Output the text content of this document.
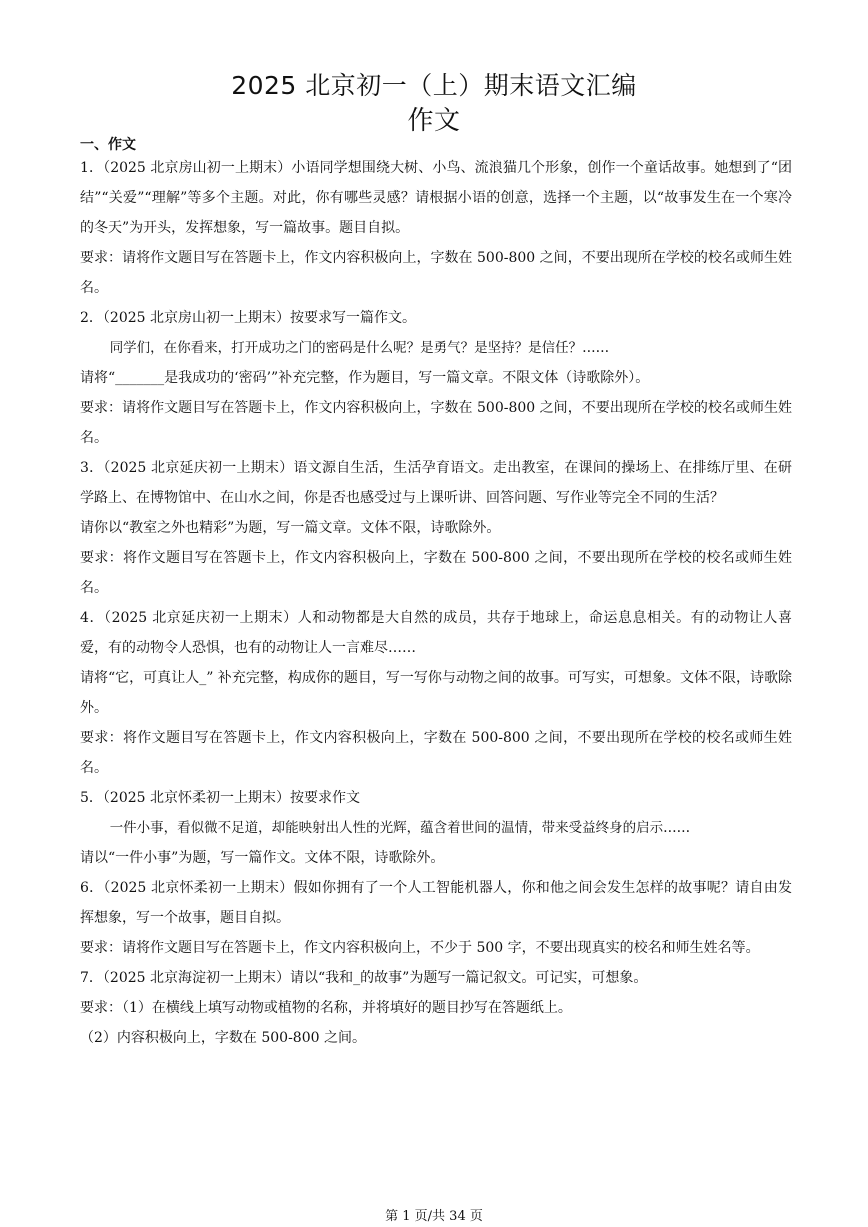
2025 北京初一（上）期末语文汇编
作文
一、作文

1．（2025 北京房山初一上期末）小语同学想围绕大树、小鸟、流浪猫几个形象，创作一个童话故事。她想到了“团结”“关爱”“理解”等多个主题。对此，你有哪些灵感？请根据小语的创意，选择一个主题，以“故事发生在一个寒冷的冬天”为开头，发挥想象，写一篇故事。题目自拟。

要求：请将作文题目写在答题卡上，作文内容积极向上，字数在 500-800 之间，不要出现所在学校的校名或师生姓名。

2．（2025 北京房山初一上期末）按要求写一篇作文。

同学们，在你看来，打开成功之门的密码是什么呢？是勇气？是坚持？是信任？……

请将“_______是我成功的‘密码’”补充完整，作为题目，写一篇文章。不限文体（诗歌除外）。

要求：请将作文题目写在答题卡上，作文内容积极向上，字数在 500-800 之间，不要出现所在学校的校名或师生姓名。

3．（2025 北京延庆初一上期末）语文源自生活，生活孕育语文。走出教室，在课间的操场上、在排练厅里、在研学路上、在博物馆中、在山水之间，你是否也感受过与上课听讲、回答问题、写作业等完全不同的生活？

请你以“教室之外也精彩”为题，写一篇文章。文体不限，诗歌除外。

要求：将作文题目写在答题卡上，作文内容积极向上，字数在 500-800 之间，不要出现所在学校的校名或师生姓名。

4．（2025 北京延庆初一上期末）人和动物都是大自然的成员，共存于地球上，命运息息相关。有的动物让人喜爱，有的动物令人恐惧，也有的动物让人一言难尽……

请将“它，可真让人_” 补充完整，构成你的题目，写一写你与动物之间的故事。可写实，可想象。文体不限，诗歌除外。

要求：将作文题目写在答题卡上，作文内容积极向上，字数在 500-800 之间，不要出现所在学校的校名或师生姓名。

5．（2025 北京怀柔初一上期末）按要求作文

一件小事，看似微不足道，却能映射出人性的光辉，蕴含着世间的温情，带来受益终身的启示……

请以“一件小事”为题，写一篇作文。文体不限，诗歌除外。

6．（2025 北京怀柔初一上期末）假如你拥有了一个人工智能机器人，你和他之间会发生怎样的故事呢？请自由发挥想象，写一个故事，题目自拟。

要求：请将作文题目写在答题卡上，作文内容积极向上，不少于 500 字，不要出现真实的校名和师生姓名等。

7．（2025 北京海淀初一上期末）请以“我和_的故事”为题写一篇记叙文。可记实，可想象。

要求：（1）在横线上填写动物或植物的名称，并将填好的题目抄写在答题纸上。

（2）内容积极向上，字数在 500-800 之间。

第 1 页/共 34 页
